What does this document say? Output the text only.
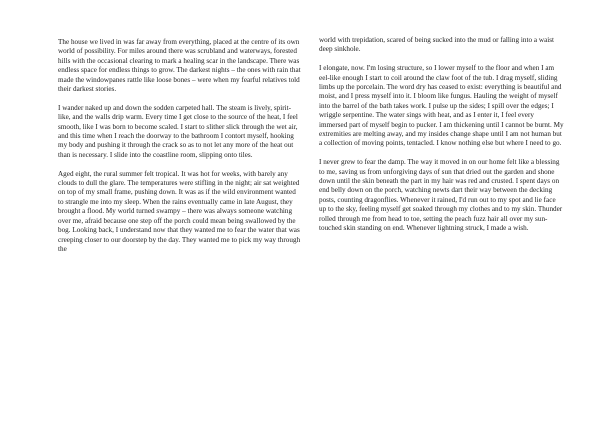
The house we lived in was far away from everything, placed at the centre of its own world of possibility. For miles around there was scrubland and waterways, forested hills with the occasional clearing to mark a healing scar in the landscape. There was endless space for endless things to grow. The darkest nights – the ones with rain that made the windowpanes rattle like loose bones – were when my fearful relatives told their darkest stories.

I wander naked up and down the sodden carpeted hall. The steam is lively, spirit-like, and the walls drip warm. Every time I get close to the source of the heat, I feel smooth, like I was born to become scaled. I start to slither slick through the wet air, and this time when I reach the doorway to the bathroom I contort myself, hooking my body and pushing it through the crack so as to not let any more of the heat out than is necessary. I slide into the coastline room, slipping onto tiles.

Aged eight, the rural summer felt tropical. It was hot for weeks, with barely any clouds to dull the glare. The temperatures were stifling in the night; air sat weighted on top of my small frame, pushing down. It was as if the wild environment wanted to strangle me into my sleep. When the rains eventually came in late August, they brought a flood. My world turned swampy – there was always someone watching over me, afraid because one step off the porch could mean being swallowed by the bog. Looking back, I understand now that they wanted me to fear the water that was creeping closer to our doorstep by the day. They wanted me to pick my way through the

world with trepidation, scared of being sucked into the mud or falling into a waist deep sinkhole.

I elongate, now. I'm losing structure, so I lower myself to the floor and when I am eel-like enough I start to coil around the claw foot of the tub. I drag myself, sliding limbs up the porcelain. The word dry has ceased to exist: everything is beautiful and moist, and I press myself into it. I bloom like fungus. Hauling the weight of myself into the barrel of the bath takes work. I pulse up the sides; I spill over the edges; I wriggle serpentine. The water sings with heat, and as I enter it, I feel every immersed part of myself begin to pucker. I am thickening until I cannot be burnt. My extremities are melting away, and my insides change shape until I am not human but a collection of moving points, tentacled. I know nothing else but where I need to go.

I never grew to fear the damp. The way it moved in on our home felt like a blessing to me, saving us from unforgiving days of sun that dried out the garden and shone down until the skin beneath the part in my hair was red and crusted. I spent days on end belly down on the porch, watching newts dart their way between the decking posts, counting dragonflies. Whenever it rained, I'd run out to my spot and lie face up to the sky, feeling myself get soaked through my clothes and to my skin. Thunder rolled through me from head to toe, setting the peach fuzz hair all over my sun-touched skin standing on end. Whenever lightning struck, I made a wish.
